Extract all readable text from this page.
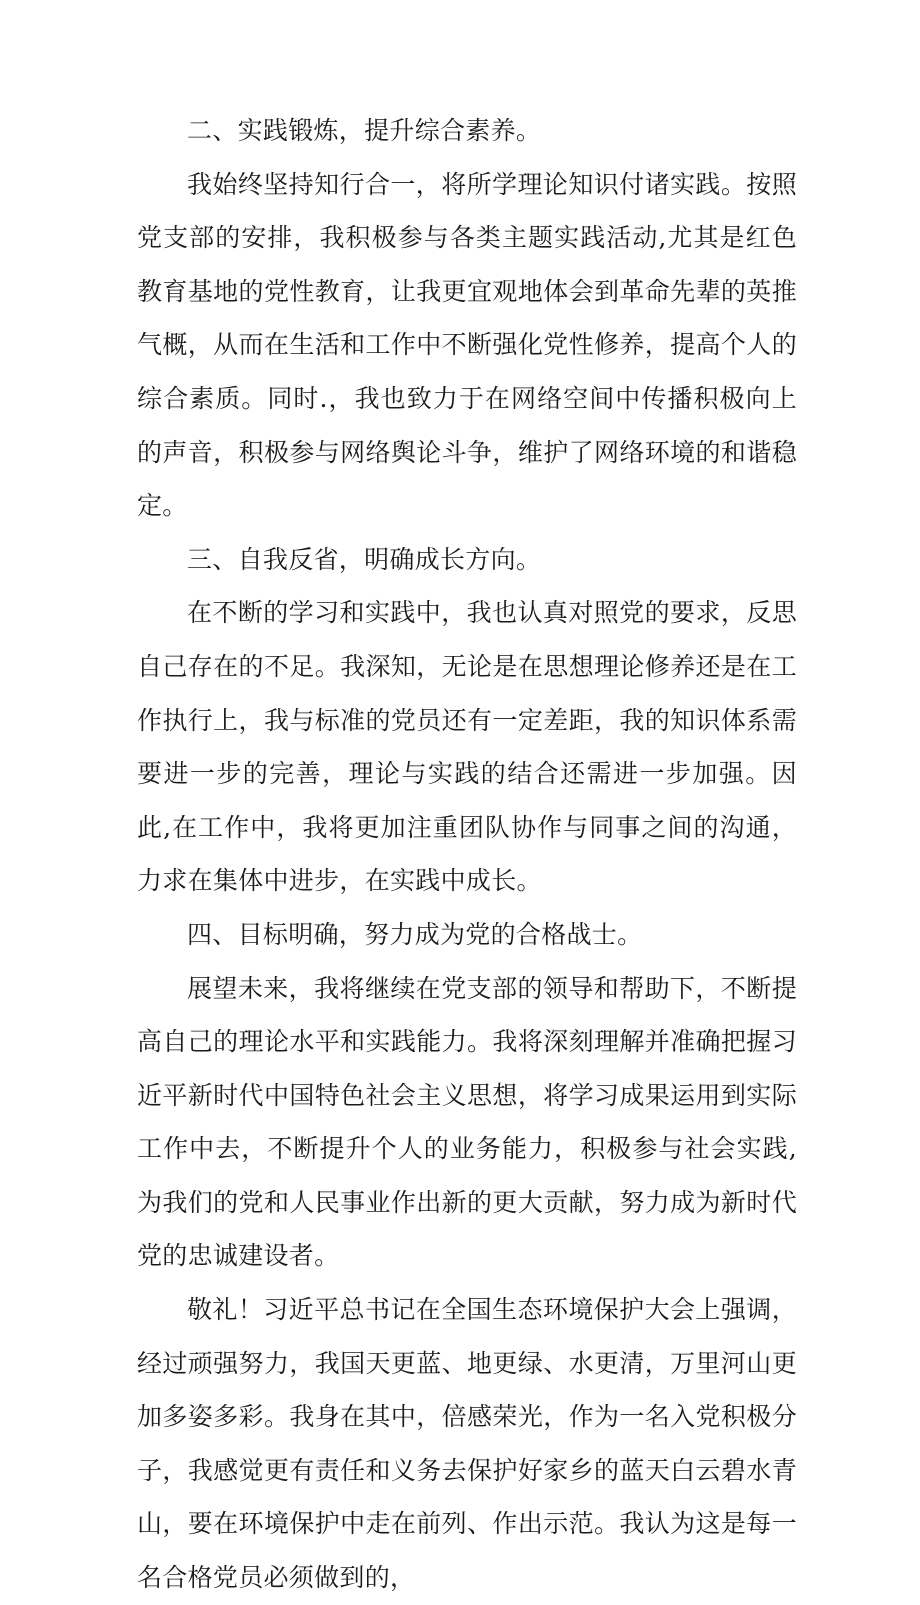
二、实践锻炼，提升综合素养。

我始终坚持知行合一，将所学理论知识付诸实践。按照党支部的安排，我积极参与各类主题实践活动,尤其是红色教育基地的党性教育，让我更宜观地体会到革命先辈的英推气概，从而在生活和工作中不断强化党性修养，提高个人的综合素质。同时.，我也致力于在网络空间中传播积极向上的声音，积极参与网络舆论斗争，维护了网络环境的和谐稳定。

三、自我反省，明确成长方向。

在不断的学习和实践中，我也认真对照党的要求，反思自己存在的不足。我深知，无论是在思想理论修养还是在工作执行上，我与标准的党员还有一定差距，我的知识体系需要进一步的完善，理论与实践的结合还需进一步加强。因此,在工作中，我将更加注重团队协作与同事之间的沟通，力求在集体中进步，在实践中成长。

四、目标明确，努力成为党的合格战士。

展望未来，我将继续在党支部的领导和帮助下，不断提高自己的理论水平和实践能力。我将深刻理解并准确把握习近平新时代中国特色社会主义思想，将学习成果运用到实际工作中去，不断提升个人的业务能力，积极参与社会实践,为我们的党和人民事业作出新的更大贡献，努力成为新时代党的忠诚建设者。

敬礼！习近平总书记在全国生态环境保护大会上强调，经过顽强努力，我国天更蓝、地更绿、水更清，万里河山更加多姿多彩。我身在其中，倍感荣光，作为一名入党积极分子，我感觉更有责任和义务去保护好家乡的蓝天白云碧水青山，要在环境保护中走在前列、作出示范。我认为这是每一名合格党员必须做到的，
